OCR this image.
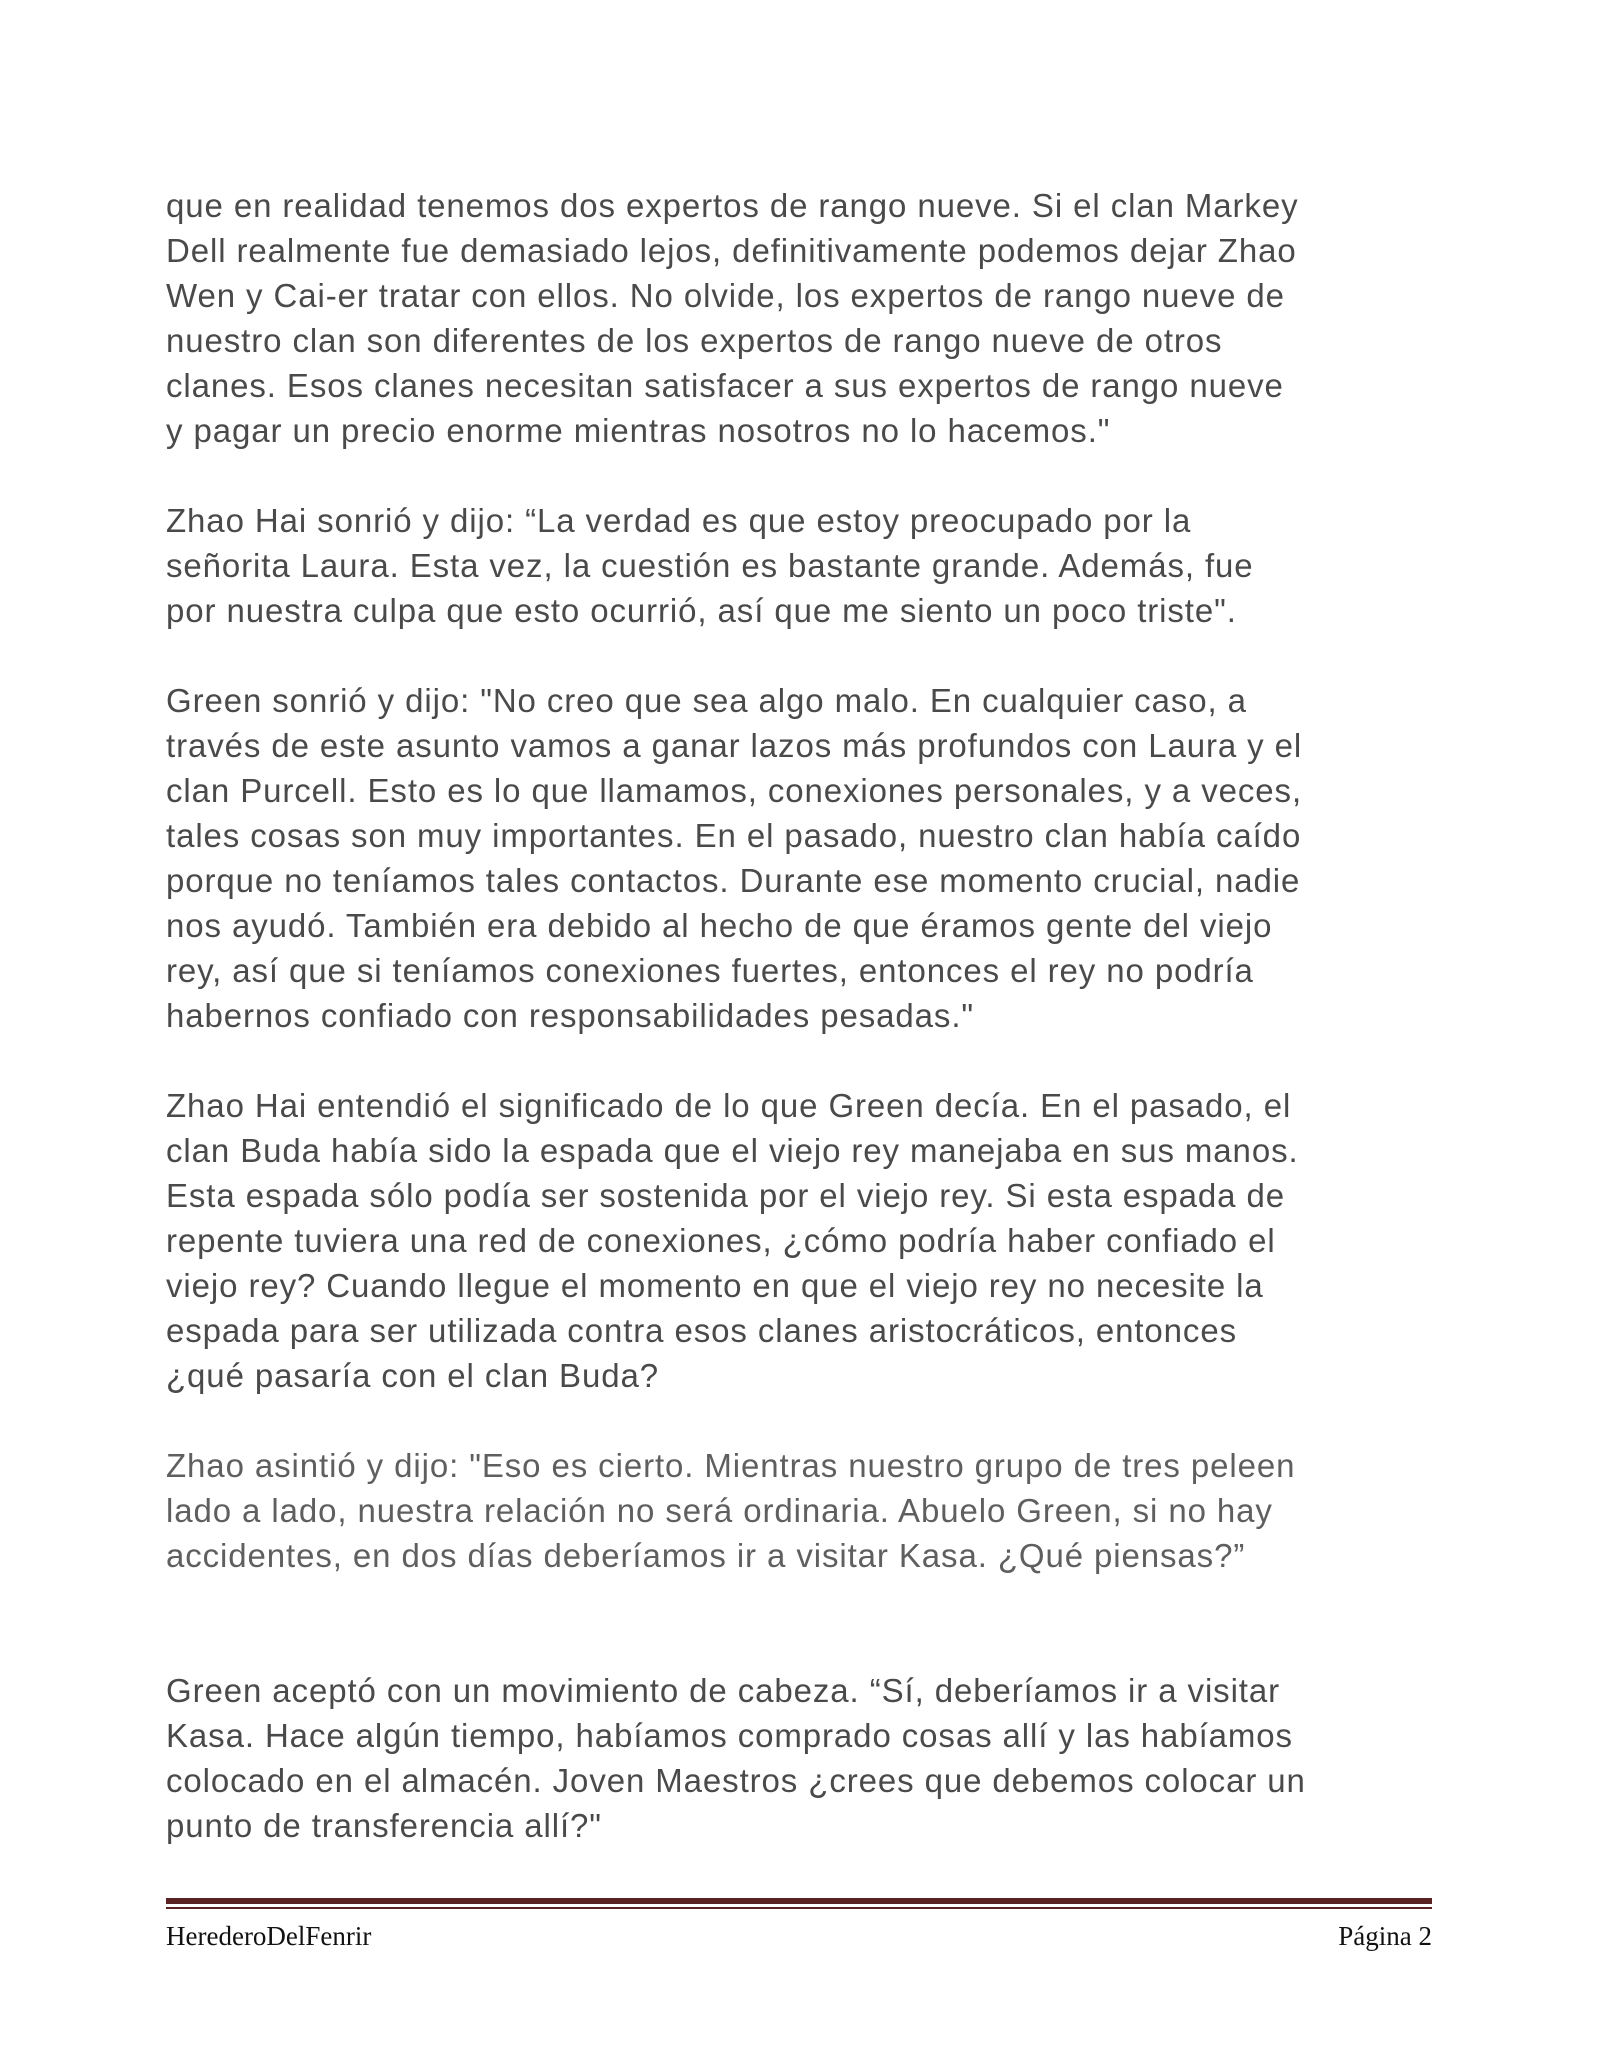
que en realidad tenemos dos expertos de rango nueve. Si el clan Markey
Dell realmente fue demasiado lejos, definitivamente podemos dejar Zhao
Wen y Cai-er tratar con ellos. No olvide, los expertos de rango nueve de
nuestro clan son diferentes de los expertos de rango nueve de otros
clanes. Esos clanes necesitan satisfacer a sus expertos de rango nueve
y pagar un precio enorme mientras nosotros no lo hacemos."

Zhao Hai sonrió y dijo: “La verdad es que estoy preocupado por la
señorita Laura. Esta vez, la cuestión es bastante grande. Además, fue
por nuestra culpa que esto ocurrió, así que me siento un poco triste".

Green sonrió y dijo: "No creo que sea algo malo. En cualquier caso, a
través de este asunto vamos a ganar lazos más profundos con Laura y el
clan Purcell. Esto es lo que llamamos, conexiones personales, y a veces,
tales cosas son muy importantes. En el pasado, nuestro clan había caído
porque no teníamos tales contactos. Durante ese momento crucial, nadie
nos ayudó. También era debido al hecho de que éramos gente del viejo
rey, así que si teníamos conexiones fuertes, entonces el rey no podría
habernos confiado con responsabilidades pesadas."

Zhao Hai entendió el significado de lo que Green decía. En el pasado, el
clan Buda había sido la espada que el viejo rey manejaba en sus manos.
Esta espada sólo podía ser sostenida por el viejo rey. Si esta espada de
repente tuviera una red de conexiones, ¿cómo podría haber confiado el
viejo rey? Cuando llegue el momento en que el viejo rey no necesite la
espada para ser utilizada contra esos clanes aristocráticos, entonces
¿qué pasaría con el clan Buda?

Zhao asintió y dijo: "Eso es cierto. Mientras nuestro grupo de tres peleen
lado a lado, nuestra relación no será ordinaria. Abuelo Green, si no hay
accidentes, en dos días deberíamos ir a visitar Kasa. ¿Qué piensas?”

Green aceptó con un movimiento de cabeza. “Sí, deberíamos ir a visitar
Kasa. Hace algún tiempo, habíamos comprado cosas allí y las habíamos
colocado en el almacén. Joven Maestros ¿crees que debemos colocar un
punto de transferencia allí?"

HerederoDelFenrir	Página 2
